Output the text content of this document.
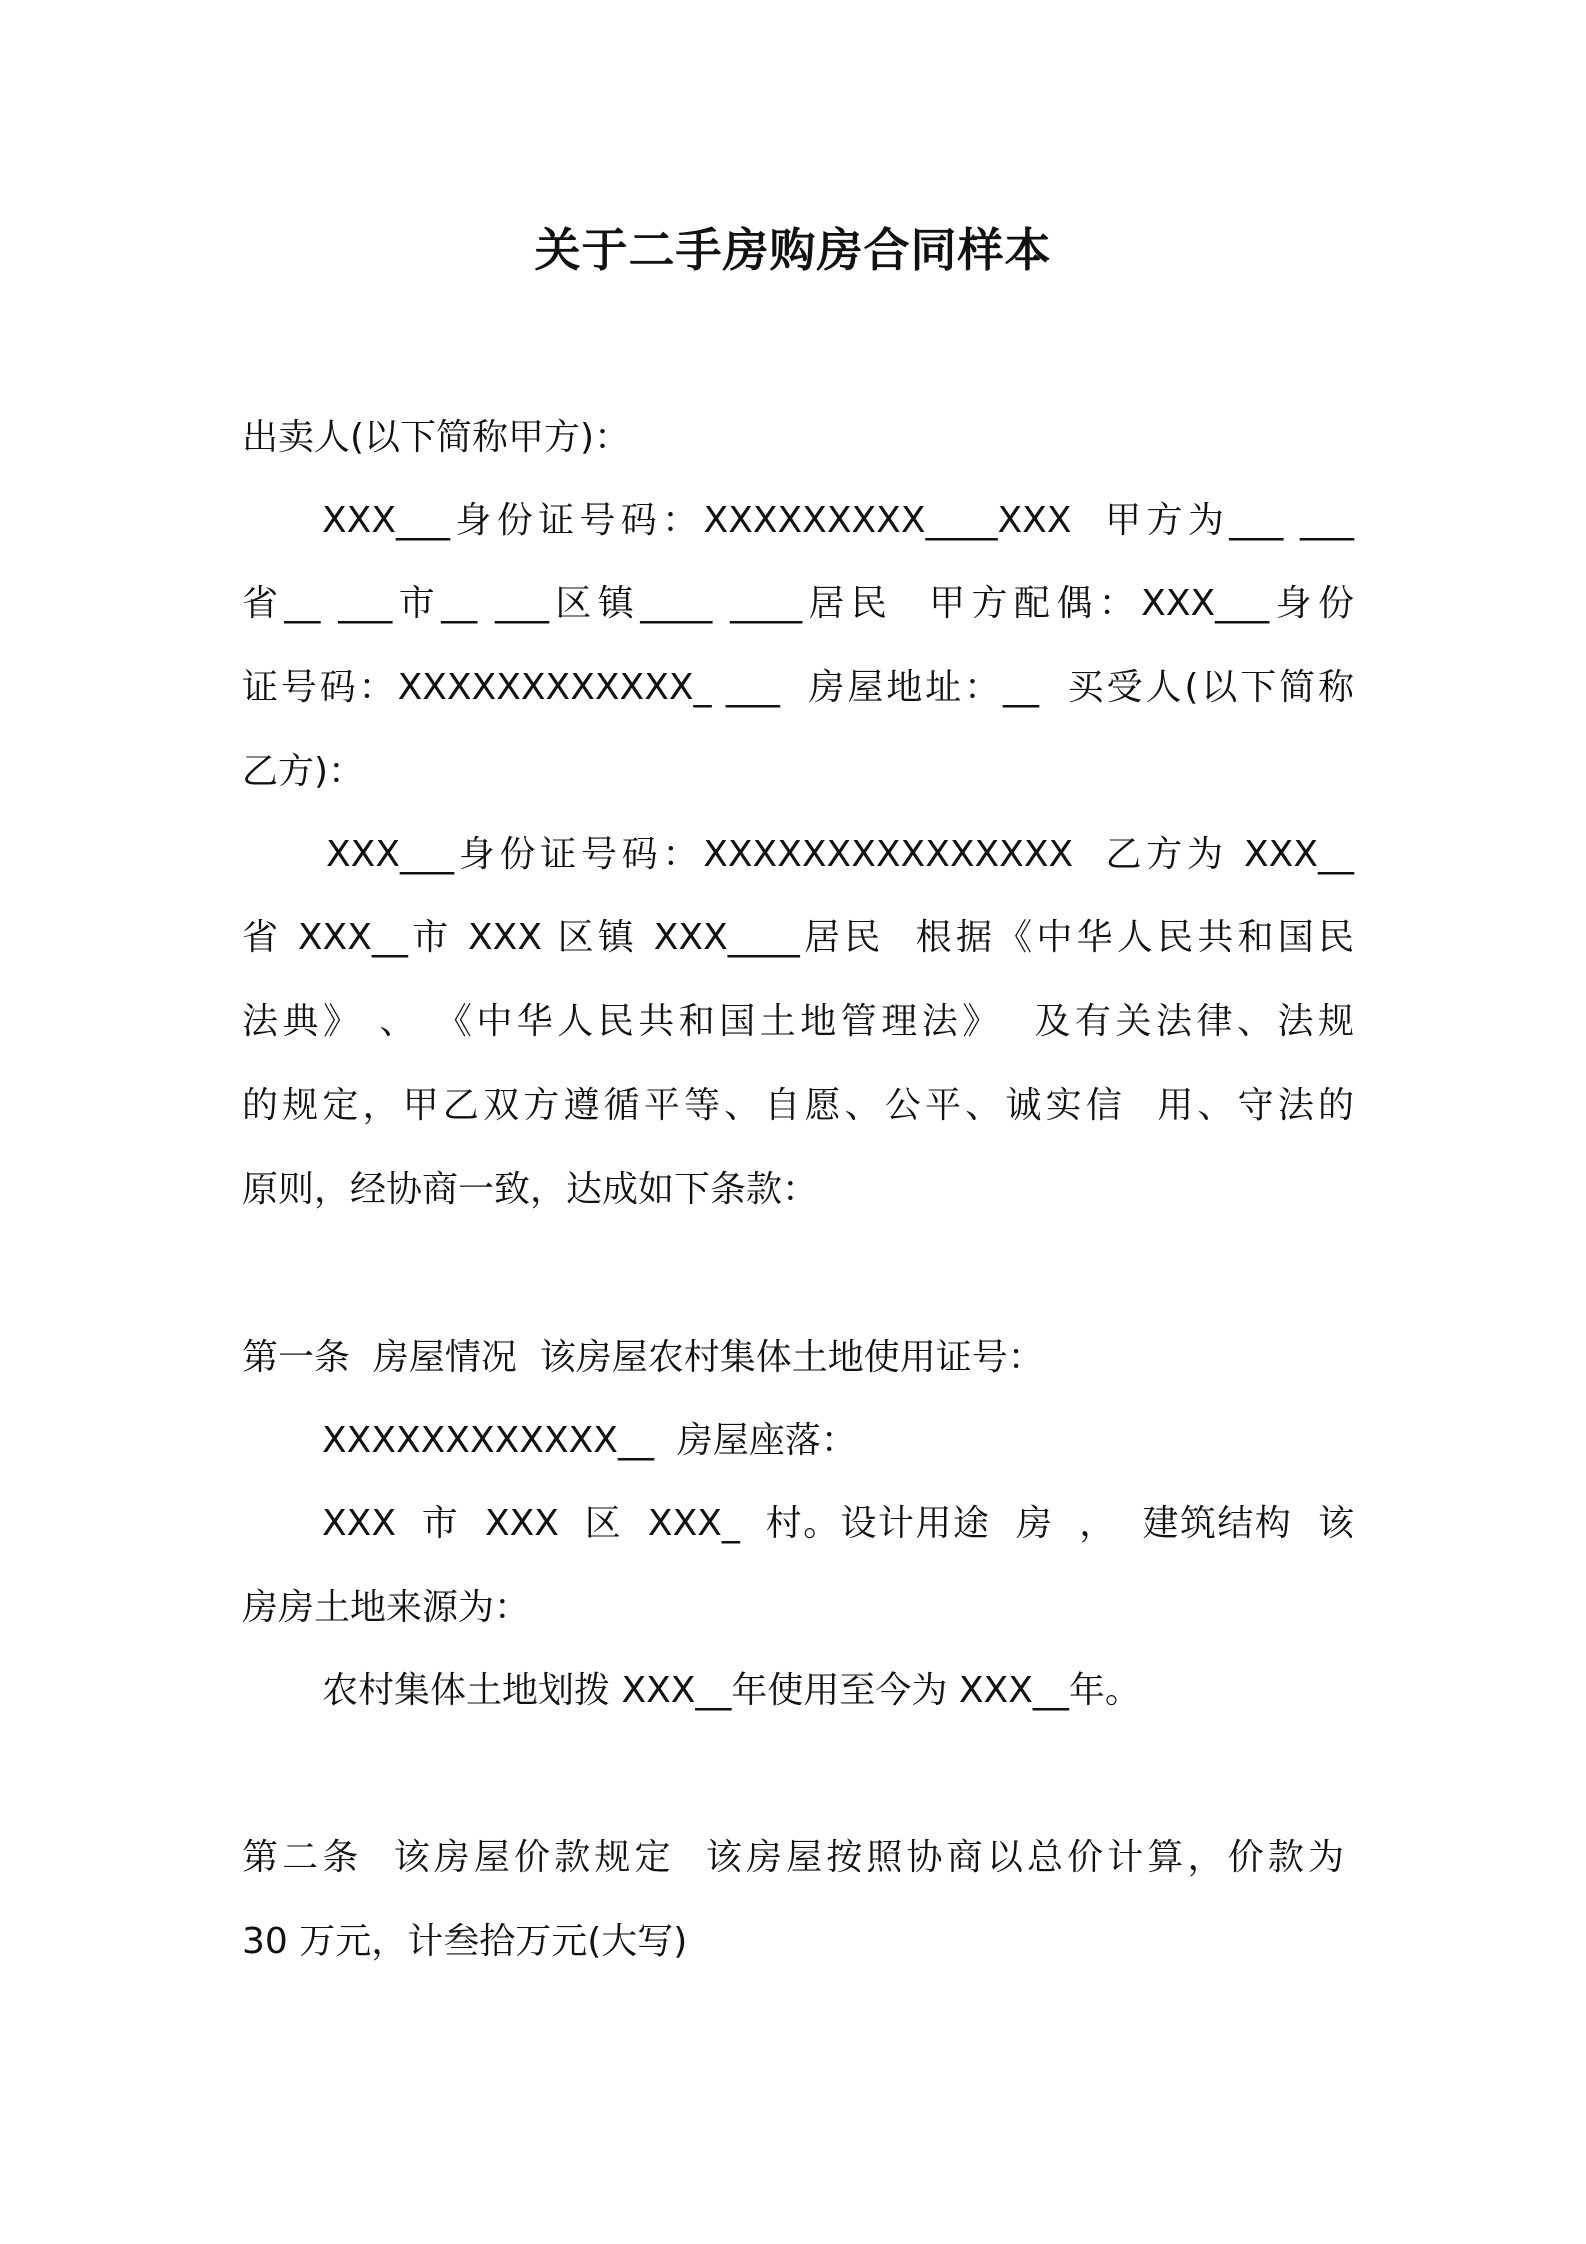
关于二手房购房合同样本

出卖人(以下简称甲方)：

XXX___身份证号码：XXXXXXXXX____XXX  甲方为___ ___

省__ ___市__ ___区镇____ ____居民  甲方配偶：XXX___身份

证号码：XXXXXXXXXXXX_ ___  房屋地址：__  买受人(以下简称

乙方)：

XXX___身份证号码：XXXXXXXXXXXXXXX  乙方为 XXX__

省 XXX__市 XXX 区镇 XXX____居民  根据《中华人民共和国民

法典》 、 《中华人民共和国土地管理法》  及有关法律、法规

的规定，甲乙双方遵循平等、自愿、公平、诚实信  用、守法的

原则，经协商一致，达成如下条款：

第一条  房屋情况  该房屋农村集体土地使用证号：

XXXXXXXXXXXX__  房屋座落：

XXX  市  XXX  区  XXX_  村。设计用途  房  ，  建筑结构  该

房房土地来源为：

农村集体土地划拨 XXX__年使用至今为 XXX__年。

第二条  该房屋价款规定  该房屋按照协商以总价计算，价款为

30 万元，计叁拾万元(大写)
